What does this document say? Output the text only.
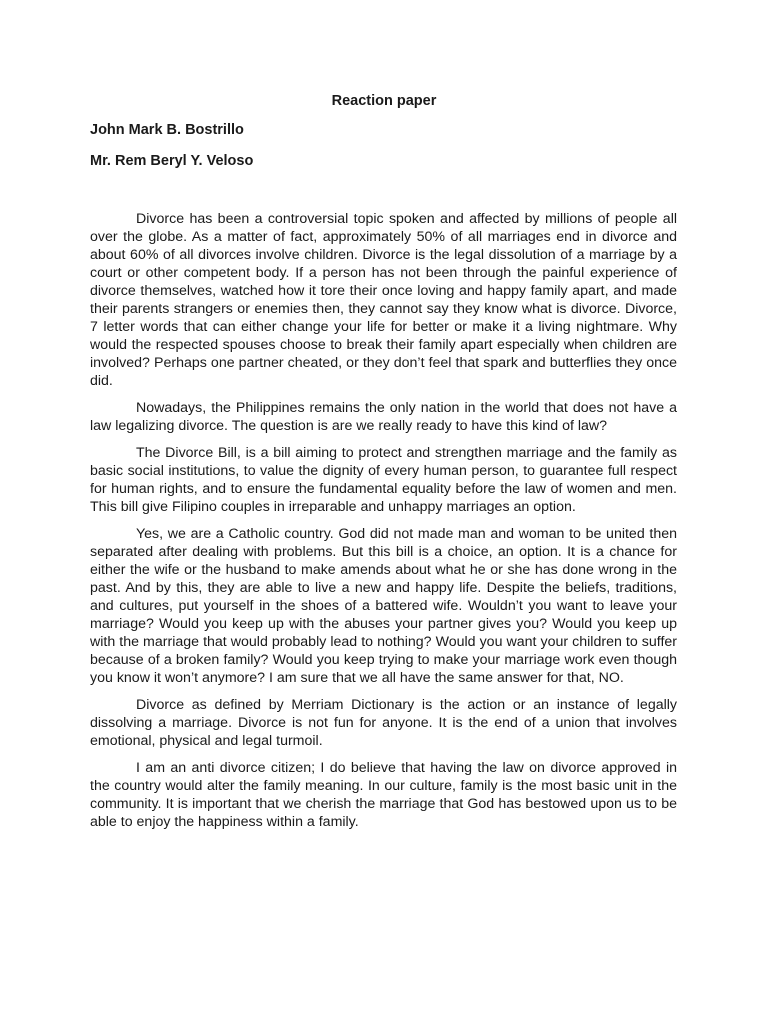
Reaction paper
John Mark B. Bostrillo
Mr. Rem Beryl Y. Veloso

Divorce has been a controversial topic spoken and affected by millions of people all over the globe. As a matter of fact, approximately 50% of all marriages end in divorce and about 60% of all divorces involve children. Divorce is the legal dissolution of a marriage by a court or other competent body. If a person has not been through the painful experience of divorce themselves, watched how it tore their once loving and happy family apart, and made their parents strangers or enemies then, they cannot say they know what is divorce. Divorce, 7 letter words that can either change your life for better or make it a living nightmare. Why would the respected spouses choose to break their family apart especially when children are involved? Perhaps one partner cheated, or they don’t feel that spark and butterflies they once did.

Nowadays, the Philippines remains the only nation in the world that does not have a law legalizing divorce. The question is are we really ready to have this kind of law?

The Divorce Bill, is a bill aiming to protect and strengthen marriage and the family as basic social institutions, to value the dignity of every human person, to guarantee full respect for human rights, and to ensure the fundamental equality before the law of women and men. This bill give Filipino couples in irreparable and unhappy marriages an option.

Yes, we are a Catholic country. God did not made man and woman to be united then separated after dealing with problems. But this bill is a choice, an option. It is a chance for either the wife or the husband to make amends about what he or she has done wrong in the past. And by this, they are able to live a new and happy life. Despite the beliefs, traditions, and cultures, put yourself in the shoes of a battered wife. Wouldn’t you want to leave your marriage? Would you keep up with the abuses your partner gives you? Would you keep up with the marriage that would probably lead to nothing? Would you want your children to suffer because of a broken family? Would you keep trying to make your marriage work even though you know it won’t anymore? I am sure that we all have the same answer for that, NO.

Divorce as defined by Merriam Dictionary is the action or an instance of legally dissolving a marriage. Divorce is not fun for anyone. It is the end of a union that involves emotional, physical and legal turmoil.

I am an anti divorce citizen; I do believe that having the law on divorce approved in the country would alter the family meaning. In our culture, family is the most basic unit in the community. It is important that we cherish the marriage that God has bestowed upon us to be able to enjoy the happiness within a family.
